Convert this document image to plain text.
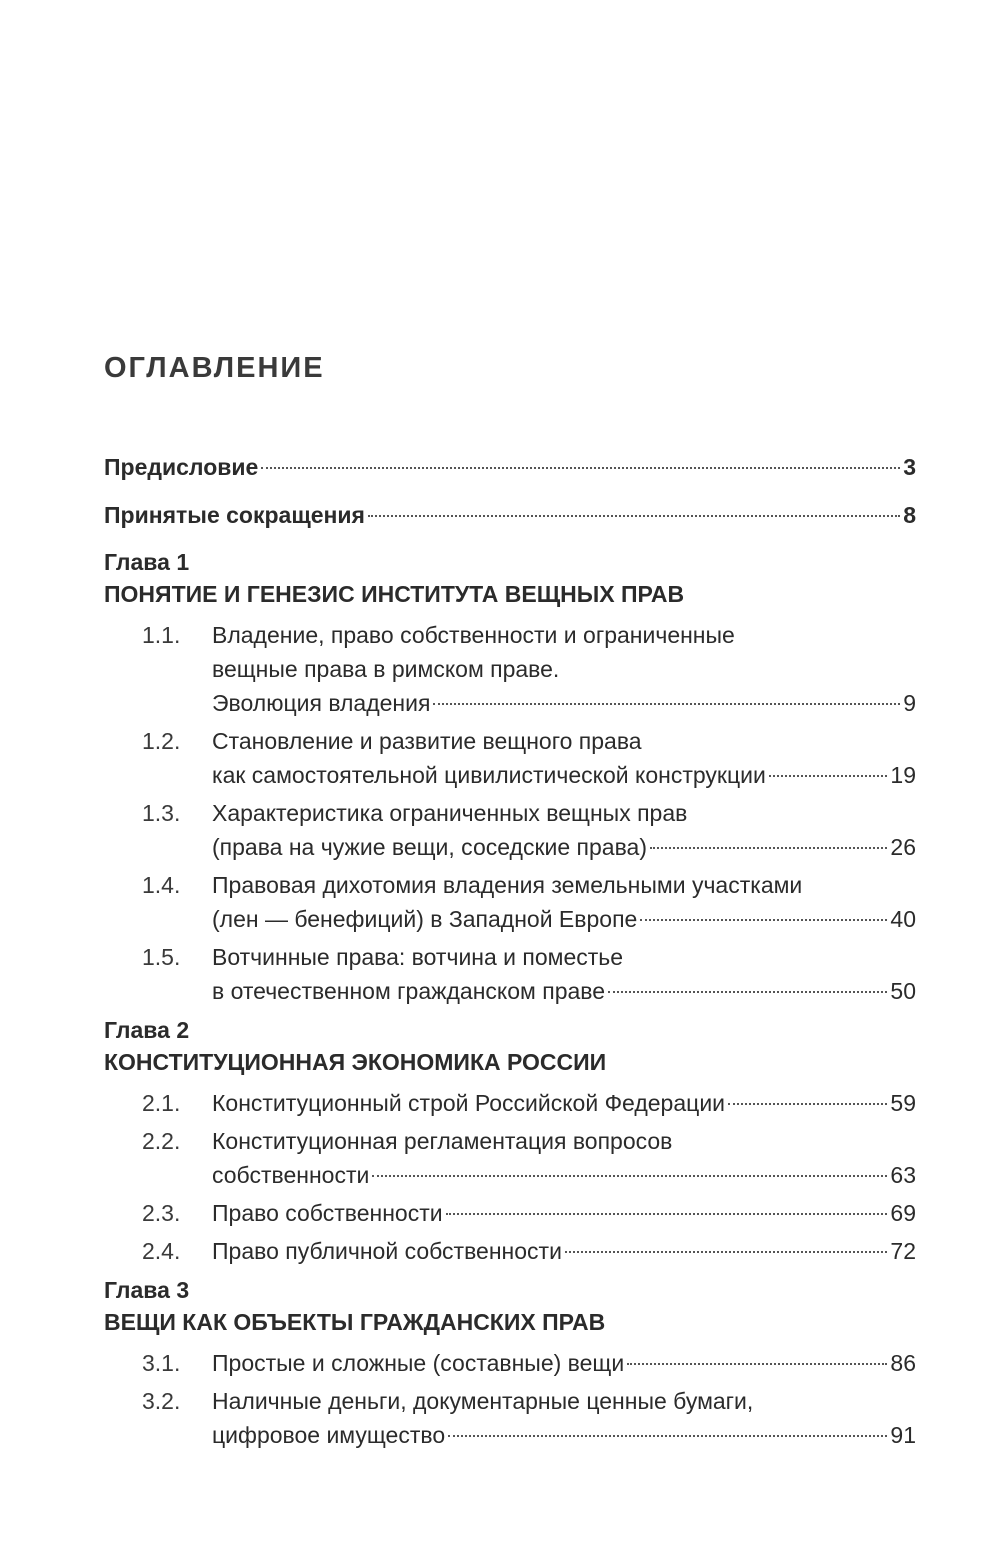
ОГЛАВЛЕНИЕ
Предисловие	3
Принятые сокращения	8
Глава 1
ПОНЯТИЕ И ГЕНЕЗИС ИНСТИТУТА ВЕЩНЫХ ПРАВ
1.1.	Владение, право собственности и ограниченные
вещные права в римском праве.
Эволюция владения	9
1.2.	Становление и развитие вещного права
как самостоятельной цивилистической конструкции	19
1.3.	Характеристика ограниченных вещных прав
(права на чужие вещи, соседские права)	26
1.4.	Правовая дихотомия владения земельными участками
(лен — бенефиций) в Западной Европе	40
1.5.	Вотчинные права: вотчина и поместье
в отечественном гражданском праве	50
Глава 2
КОНСТИТУЦИОННАЯ ЭКОНОМИКА РОССИИ
2.1.	Конституционный строй Российской Федерации	59
2.2.	Конституционная регламентация вопросов
собственности	63
2.3.	Право собственности	69
2.4.	Право публичной собственности	72
Глава 3
ВЕЩИ КАК ОБЪЕКТЫ ГРАЖДАНСКИХ ПРАВ
3.1.	Простые и сложные (составные) вещи	86
3.2.	Наличные деньги, документарные ценные бумаги,
цифровое имущество	91
